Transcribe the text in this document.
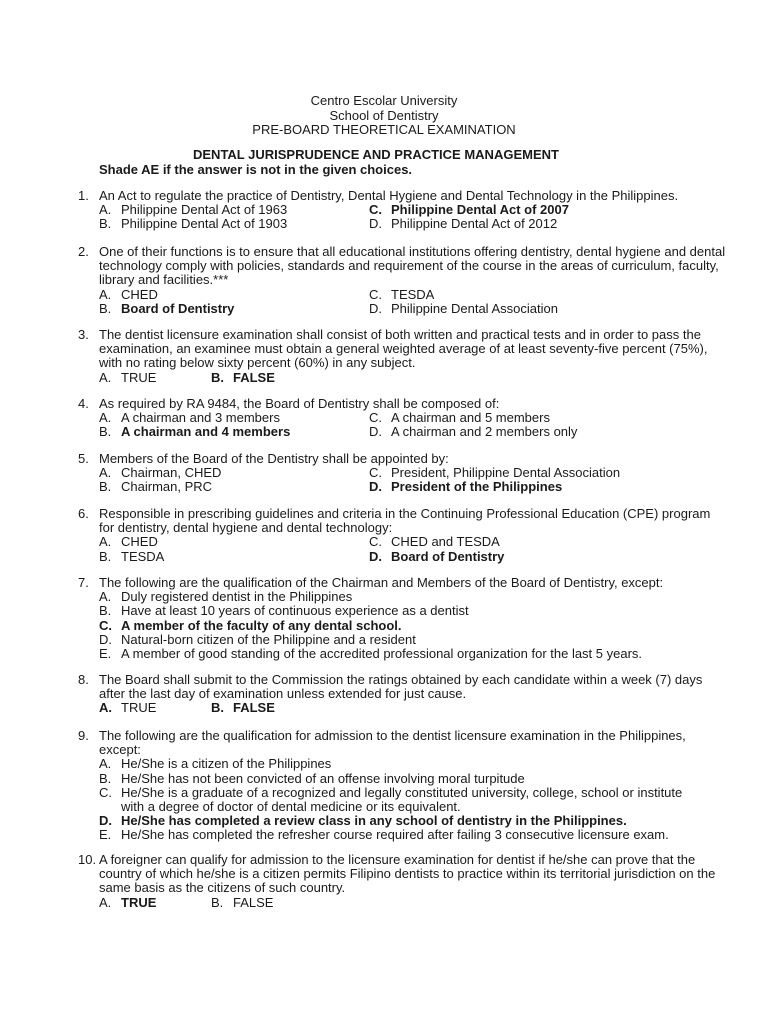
Centro Escolar University
School of Dentistry
PRE-BOARD THEORETICAL EXAMINATION
DENTAL JURISPRUDENCE AND PRACTICE MANAGEMENT
Shade AE if the answer is not in the given choices.
1. An Act to regulate the practice of Dentistry, Dental Hygiene and Dental Technology in the Philippines.
A. Philippine Dental Act of 1963	C. Philippine Dental Act of 2007
B. Philippine Dental Act of 1903	D. Philippine Dental Act of 2012
2. One of their functions is to ensure that all educational institutions offering dentistry, dental hygiene and dental technology comply with policies, standards and requirement of the course in the areas of curriculum, faculty, library and facilities.***
A. CHED	C. TESDA
B. Board of Dentistry	D. Philippine Dental Association
3. The dentist licensure examination shall consist of both written and practical tests and in order to pass the examination, an examinee must obtain a general weighted average of at least seventy-five percent (75%), with no rating below sixty percent (60%) in any subject.
A. TRUE	B. FALSE
4. As required by RA 9484, the Board of Dentistry shall be composed of:
A. A chairman and 3 members	C. A chairman and 5 members
B. A chairman and 4 members	D. A chairman and 2 members only
5. Members of the Board of the Dentistry shall be appointed by:
A. Chairman, CHED	C. President, Philippine Dental Association
B. Chairman, PRC	D. President of the Philippines
6. Responsible in prescribing guidelines and criteria in the Continuing Professional Education (CPE) program for dentistry, dental hygiene and dental technology:
A. CHED	C. CHED and TESDA
B. TESDA	D. Board of Dentistry
7. The following are the qualification of the Chairman and Members of the Board of Dentistry, except:
A. Duly registered dentist in the Philippines
B. Have at least 10 years of continuous experience as a dentist
C. A member of the faculty of any dental school.
D. Natural-born citizen of the Philippine and a resident
E. A member of good standing of the accredited professional organization for the last 5 years.
8. The Board shall submit to the Commission the ratings obtained by each candidate within a week (7) days after the last day of examination unless extended for just cause.
A. TRUE	B. FALSE
9. The following are the qualification for admission to the dentist licensure examination in the Philippines, except:
A. He/She is a citizen of the Philippines
B. He/She has not been convicted of an offense involving moral turpitude
C. He/She is a graduate of a recognized and legally constituted university, college, school or institute
with a degree of doctor of dental medicine or its equivalent.
D. He/She has completed a review class in any school of dentistry in the Philippines.
E. He/She has completed the refresher course required after failing 3 consecutive licensure exam.
10. A foreigner can qualify for admission to the licensure examination for dentist if he/she can prove that the country of which he/she is a citizen permits Filipino dentists to practice within its territorial jurisdiction on the same basis as the citizens of such country.
A. TRUE	B. FALSE
